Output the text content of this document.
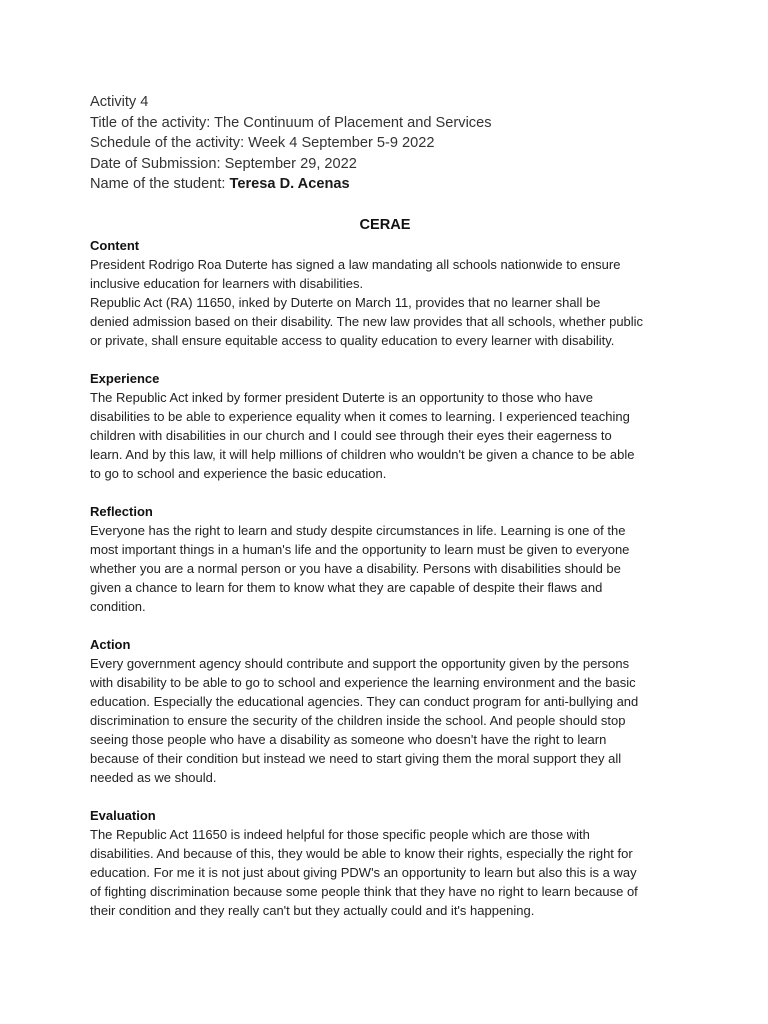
Activity 4
Title of the activity: The Continuum of Placement and Services
Schedule of the activity: Week 4 September 5-9 2022
Date of Submission: September 29, 2022
Name of the student: Teresa D. Acenas
CERAE
Content
President Rodrigo Roa Duterte has signed a law mandating all schools nationwide to ensure
inclusive education for learners with disabilities.
Republic Act (RA) 11650, inked by Duterte on March 11, provides that no learner shall be
denied admission based on their disability. The new law provides that all schools, whether public
or private, shall ensure equitable access to quality education to every learner with disability.
Experience
The Republic Act inked by former president Duterte is an opportunity to those who have
disabilities to be able to experience equality when it comes to learning. I experienced teaching
children with disabilities in our church and I could see through their eyes their eagerness to
learn. And by this law, it will help millions of children who wouldn't be given a chance to be able
to go to school and experience the basic education.
Reflection
Everyone has the right to learn and study despite circumstances in life. Learning is one of the
most important things in a human's life and the opportunity to learn must be given to everyone
whether you are a normal person or you have a disability. Persons with disabilities should be
given a chance to learn for them to know what they are capable of despite their flaws and
condition.
Action
Every government agency should contribute and support the opportunity given by the persons
with disability to be able to go to school and experience the learning environment and the basic
education. Especially the educational agencies. They can conduct program for anti-bullying and
discrimination to ensure the security of the children inside the school. And people should stop
seeing those people who have a disability as someone who doesn't have the right to learn
because of their condition but instead we need to start giving them the moral support they all
needed as we should.
Evaluation
The Republic Act 11650 is indeed helpful for those specific people which are those with
disabilities. And because of this, they would be able to know their rights, especially the right for
education. For me it is not just about giving PDW's an opportunity to learn but also this is a way
of fighting discrimination because some people think that they have no right to learn because of
their condition and they really can't but they actually could and it's happening.
